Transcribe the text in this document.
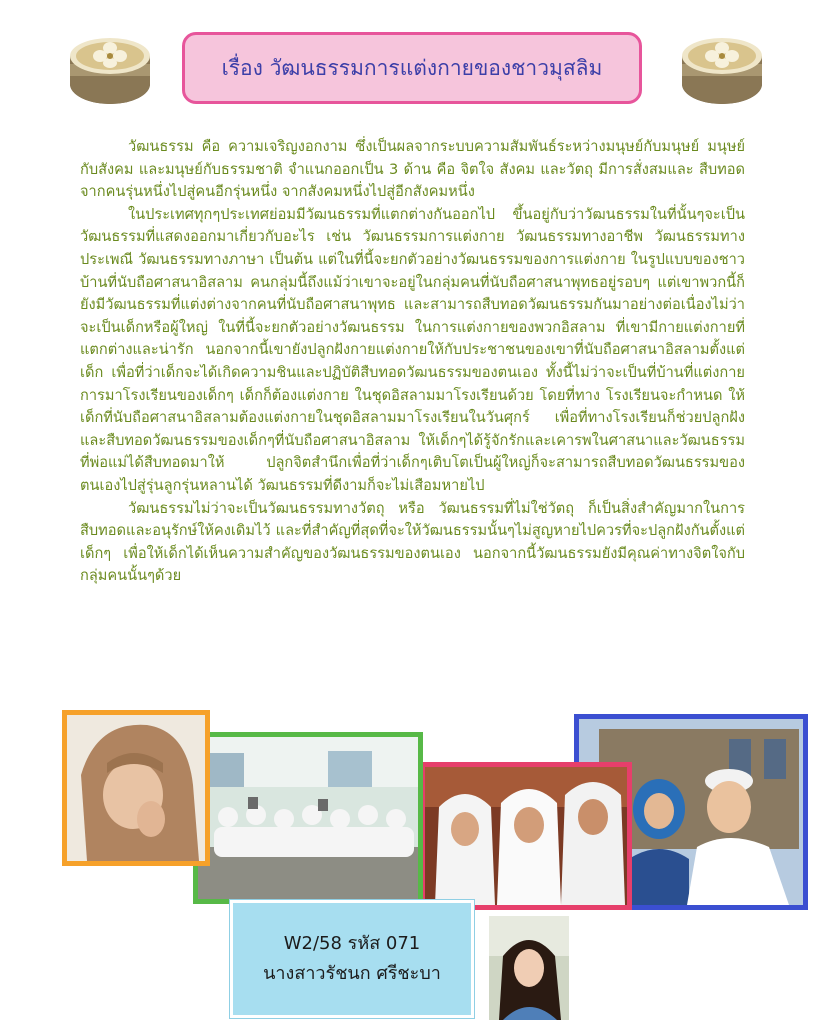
เรื่อง วัฒนธรรมการแต่งกายของชาวมุสลิม

วัฒนธรรม คือ ความเจริญงอกงาม ซึ่งเป็นผลจากระบบความสัมพันธ์ระหว่างมนุษย์กับมนุษย์ มนุษย์กับสังคม และมนุษย์กับธรรมชาติ จำแนกออกเป็น 3 ด้าน คือ จิตใจ สังคม และวัตถุ มีการสั่งสมและ สืบทอดจากคนรุ่นหนึ่งไปสู่คนอีกรุ่นหนึ่ง จากสังคมหนึ่งไปสู่อีกสังคมหนึ่ง

ในประเทศทุกๆประเทศย่อมมีวัฒนธรรมที่แตกต่างกันออกไป ขึ้นอยู่กับว่าวัฒนธรรมในที่นั้นๆจะเป็นวัฒนธรรมที่แสดงออกมาเกี่ยวกับอะไร เช่น วัฒนธรรมการแต่งกาย วัฒนธรรมทางอาชีพ วัฒนธรรมทางประเพณี วัฒนธรรมทางภาษา เป็นต้น แต่ในที่นี้จะยกตัวอย่างวัฒนธรรมของการแต่งกาย ในรูปแบบของชาวบ้านที่นับถือศาสนาอิสลาม คนกลุ่มนี้ถึงแม้ว่าเขาจะอยู่ในกลุ่มคนที่นับถือศาสนาพุทธอยู่รอบๆ แต่เขาพวกนี้ก็ยังมีวัฒนธรรมที่แต่งต่างจากคนที่นับถือศาสนาพุทธ และสามารถสืบทอดวัฒนธรรมกันมาอย่างต่อเนื่องไม่ว่าจะเป็นเด็กหรือผู้ใหญ่ ในที่นี้จะยกตัวอย่างวัฒนธรรม ในการแต่งกายของพวกอิสลาม ที่เขามีกายแต่งกายที่แตกต่างและน่ารัก นอกจากนี้เขายังปลูกฝังกายแต่งกายให้กับประชาชนของเขาที่นับถือศาสนาอิสลามตั้งแต่เด็ก เพื่อที่ว่าเด็กจะได้เกิดความชินและปฏิบัติสืบทอดวัฒนธรรมของตนเอง ทั้งนี้ไม่ว่าจะเป็นที่บ้านที่แต่งกาย การมาโรงเรียนของเด็กๆ เด็กก็ต้องแต่งกาย ในชุดอิสลามมาโรงเรียนด้วย โดยที่ทาง โรงเรียนจะกำหนด ให้เด็กที่นับถือศาสนาอิสลามต้องแต่งกายในชุดอิสลามมาโรงเรียนในวันศุกร์ เพื่อที่ทางโรงเรียนก็ช่วยปลูกฝังและสืบทอดวัฒนธรรมของเด็กๆที่นับถือศาสนาอิสลาม ให้เด็กๆได้รู้จักรักและเคารพในศาสนาและวัฒนธรรมที่พ่อแม่ได้สืบทอดมาให้ ปลูกจิตสำนึกเพื่อที่ว่าเด็กๆเติบโตเป็นผู้ใหญ่ก็จะสามารถสืบทอดวัฒนธรรมของตนเองไปสู่รุ่นลูกรุ่นหลานได้ วัฒนธรรมที่ดีงามก็จะไม่เสือมหายไป

วัฒนธรรมไม่ว่าจะเป็นวัฒนธรรมทางวัตถุ หรือ วัฒนธรรมที่ไม่ใช่วัตถุ ก็เป็นสิ่งสำคัญมากในการสืบทอดและอนุรักษ์ให้คงเดิมไว้ และที่สำคัญที่สุดที่จะให้วัฒนธรรมนั้นๆไม่สูญหายไปควรที่จะปลูกฝังกันตั้งแต่เด็กๆ เพื่อให้เด็กได้เห็นความสำคัญของวัฒนธรรมของตนเอง นอกจากนี้วัฒนธรรมยังมีคุณค่าทางจิตใจกับกลุ่มคนนั้นๆด้วย

W2/58 รหัส 071
นางสาวรัชนก ศรีชะบา
